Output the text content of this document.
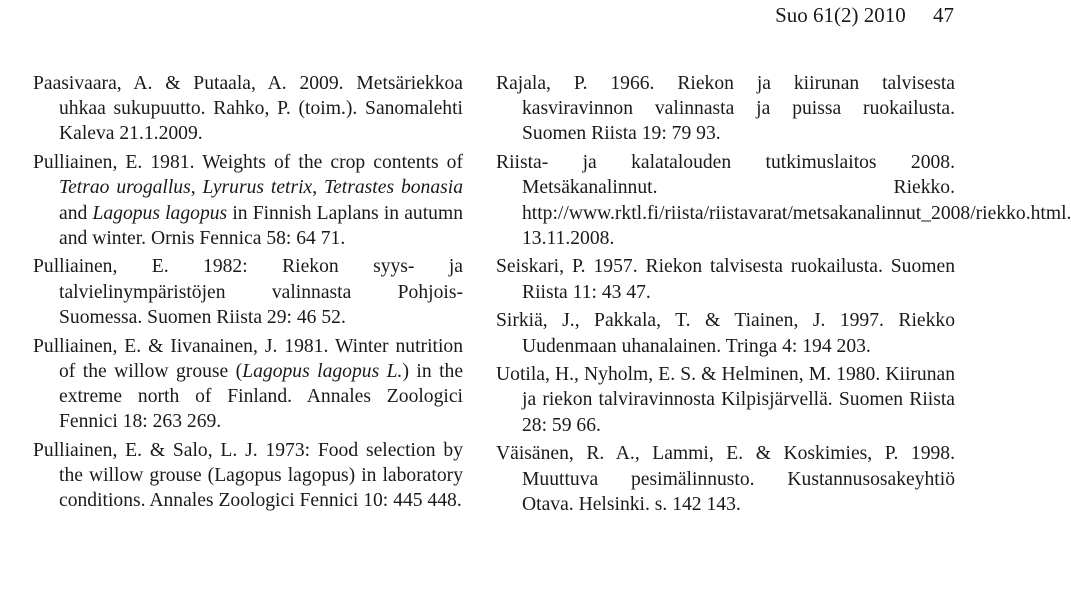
Suo 61(2) 2010 47

Paasivaara, A. & Putaala, A. 2009. Metsäriekkoa uhkaa sukupuutto. Rahko, P. (toim.). Sanomalehti Kaleva 21.1.2009.

Pulliainen, E. 1981. Weights of the crop contents of Tetrao urogallus, Lyrurus tetrix, Tetrastes bonasia and Lagopus lagopus in Finnish Laplans in autumn and winter. Ornis Fennica 58: 64 71.

Pulliainen, E. 1982: Riekon syys- ja talvielinympäristöjen valinnasta Pohjois-Suomessa. Suomen Riista 29: 46 52.

Pulliainen, E. & Iivanainen, J. 1981. Winter nutrition of the willow grouse (Lagopus lagopus L.) in the extreme north of Finland. Annales Zoologici Fennici 18: 263 269.

Pulliainen, E. & Salo, L. J. 1973: Food selection by the willow grouse (Lagopus lagopus) in laboratory conditions. Annales Zoologici Fennici 10: 445 448.

Rajala, P. 1966. Riekon ja kiirunan talvisesta kasviravinnon valinnasta ja puissa ruokailusta. Suomen Riista 19: 79 93.

Riista- ja kalatalouden tutkimuslaitos 2008. Metsäkanalinnut. Riekko. http://www.rktl.fi/riista/riistavarat/metsakanalinnut_2008/riekko.html. 13.11.2008.

Seiskari, P. 1957. Riekon talvisesta ruokailusta. Suomen Riista 11: 43 47.

Sirkiä, J., Pakkala, T. & Tiainen, J. 1997. Riekko Uudenmaan uhanalainen. Tringa 4: 194 203.

Uotila, H., Nyholm, E. S. & Helminen, M. 1980. Kiirunan ja riekon talviravinnosta Kilpisjärvellä. Suomen Riista 28: 59 66.

Väisänen, R. A., Lammi, E. & Koskimies, P. 1998. Muuttuva pesimälinnusto. Kustannusosakeyhtiö Otava. Helsinki. s. 142 143.
